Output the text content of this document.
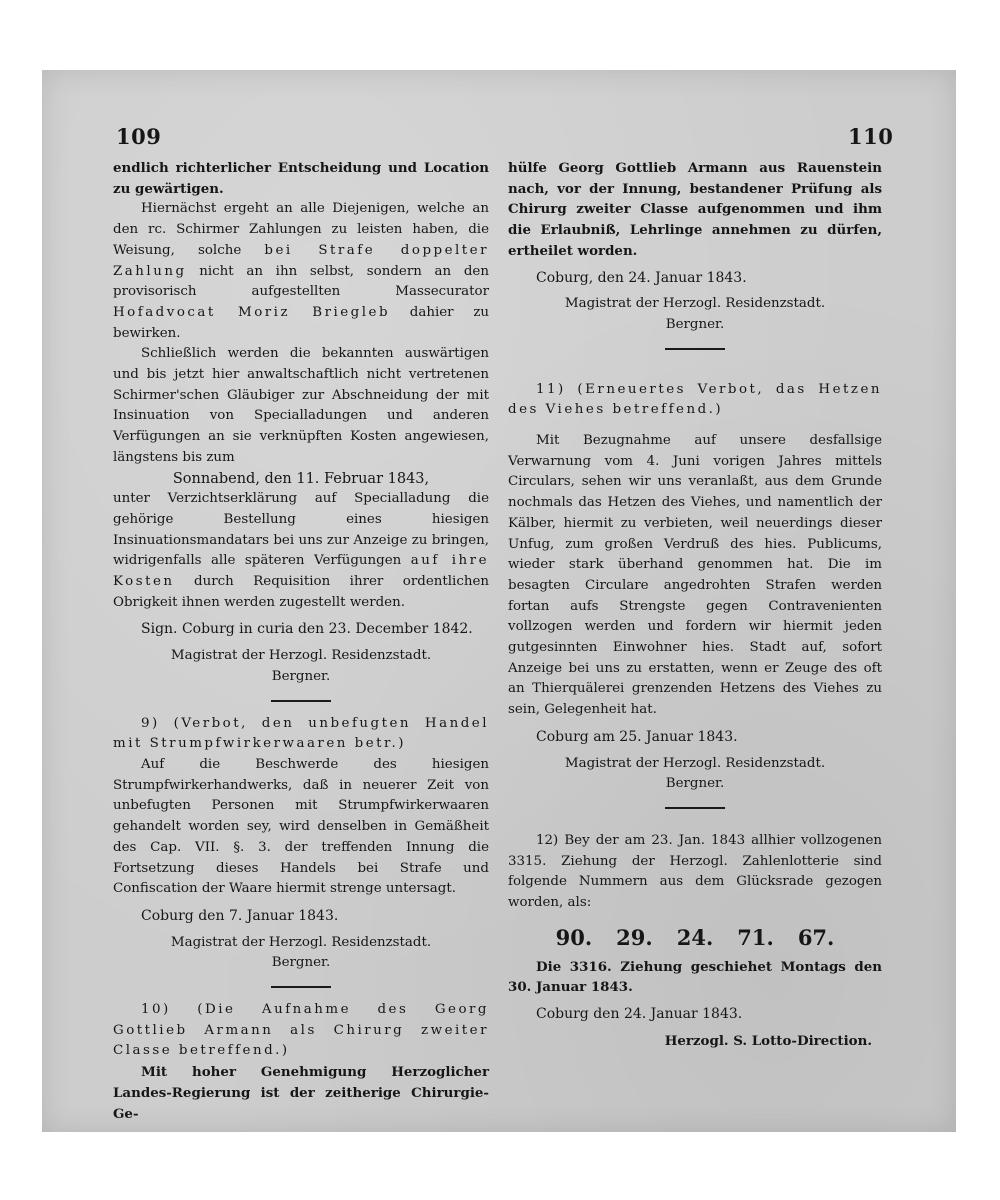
109	110

endlich richterlicher Entscheidung und Location zu gewärtigen.

Hiernächst ergeht an alle Diejenigen, welche an den rc. Schirmer Zahlungen zu leisten haben, die Weisung, solche bei Strafe doppelter Zahlung nicht an ihn selbst, sondern an den provisorisch aufgestellten Massecurator Hofadvocat Moriz Briegleb dahier zu bewirken.

Schließlich werden die bekannten auswärtigen und bis jetzt hier anwaltschaftlich nicht vertretenen Schirmer'schen Gläubiger zur Abschneidung der mit Insinuation von Specialladungen und anderen Verfügungen an sie verknüpften Kosten angewiesen, längstens bis zum

Sonnabend, den 11. Februar 1843,

unter Verzichtserklärung auf Specialladung die gehörige Bestellung eines hiesigen Insinuationsmandatars bei uns zur Anzeige zu bringen, widrigenfalls alle späteren Verfügungen auf ihre Kosten durch Requisition ihrer ordentlichen Obrigkeit ihnen werden zugestellt werden.

Sign. Coburg in curia den 23. December 1842.

Magistrat der Herzogl. Residenzstadt.

Bergner.

9) (Verbot, den unbefugten Handel mit Strumpfwirkerwaaren betr.)

Auf die Beschwerde des hiesigen Strumpfwirkerhandwerks, daß in neuerer Zeit von unbefugten Personen mit Strumpfwirkerwaaren gehandelt worden sey, wird denselben in Gemäßheit des Cap. VII. §. 3. der treffenden Innung die Fortsetzung dieses Handels bei Strafe und Confiscation der Waare hiermit strenge untersagt.

Coburg den 7. Januar 1843.

Magistrat der Herzogl. Residenzstadt.

Bergner.

10) (Die Aufnahme des Georg Gottlieb Armann als Chirurg zweiter Classe betreffend.)

Mit hoher Genehmigung Herzoglicher Landes-Regierung ist der zeitherige Chirurgie-Ge-

hülfe Georg Gottlieb Armann aus Rauenstein nach, vor der Innung, bestandener Prüfung als Chirurg zweiter Classe aufgenommen und ihm die Erlaubniß, Lehrlinge annehmen zu dürfen, ertheilet worden.

Coburg, den 24. Januar 1843.

Magistrat der Herzogl. Residenzstadt.

Bergner.

11) (Erneuertes Verbot, das Hetzen des Viehes betreffend.)

Mit Bezugnahme auf unsere desfallsige Verwarnung vom 4. Juni vorigen Jahres mittels Circulars, sehen wir uns veranlaßt, aus dem Grunde nochmals das Hetzen des Viehes, und namentlich der Kälber, hiermit zu verbieten, weil neuerdings dieser Unfug, zum großen Verdruß des hies. Publicums, wieder stark überhand genommen hat. Die im besagten Circulare angedrohten Strafen werden fortan aufs Strengste gegen Contravenienten vollzogen werden und fordern wir hiermit jeden gutgesinnten Einwohner hies. Stadt auf, sofort Anzeige bei uns zu erstatten, wenn er Zeuge des oft an Thierquälerei grenzenden Hetzens des Viehes zu sein, Gelegenheit hat.

Coburg am 25. Januar 1843.

Magistrat der Herzogl. Residenzstadt.

Bergner.

12) Bey der am 23. Jan. 1843 allhier vollzogenen 3315. Ziehung der Herzogl. Zahlenlotterie sind folgende Nummern aus dem Glücksrade gezogen worden, als:

90. 29. 24. 71. 67.

Die 3316. Ziehung geschiehet Montags den 30. Januar 1843.

Coburg den 24. Januar 1843.

Herzogl. S. Lotto-Direction.
